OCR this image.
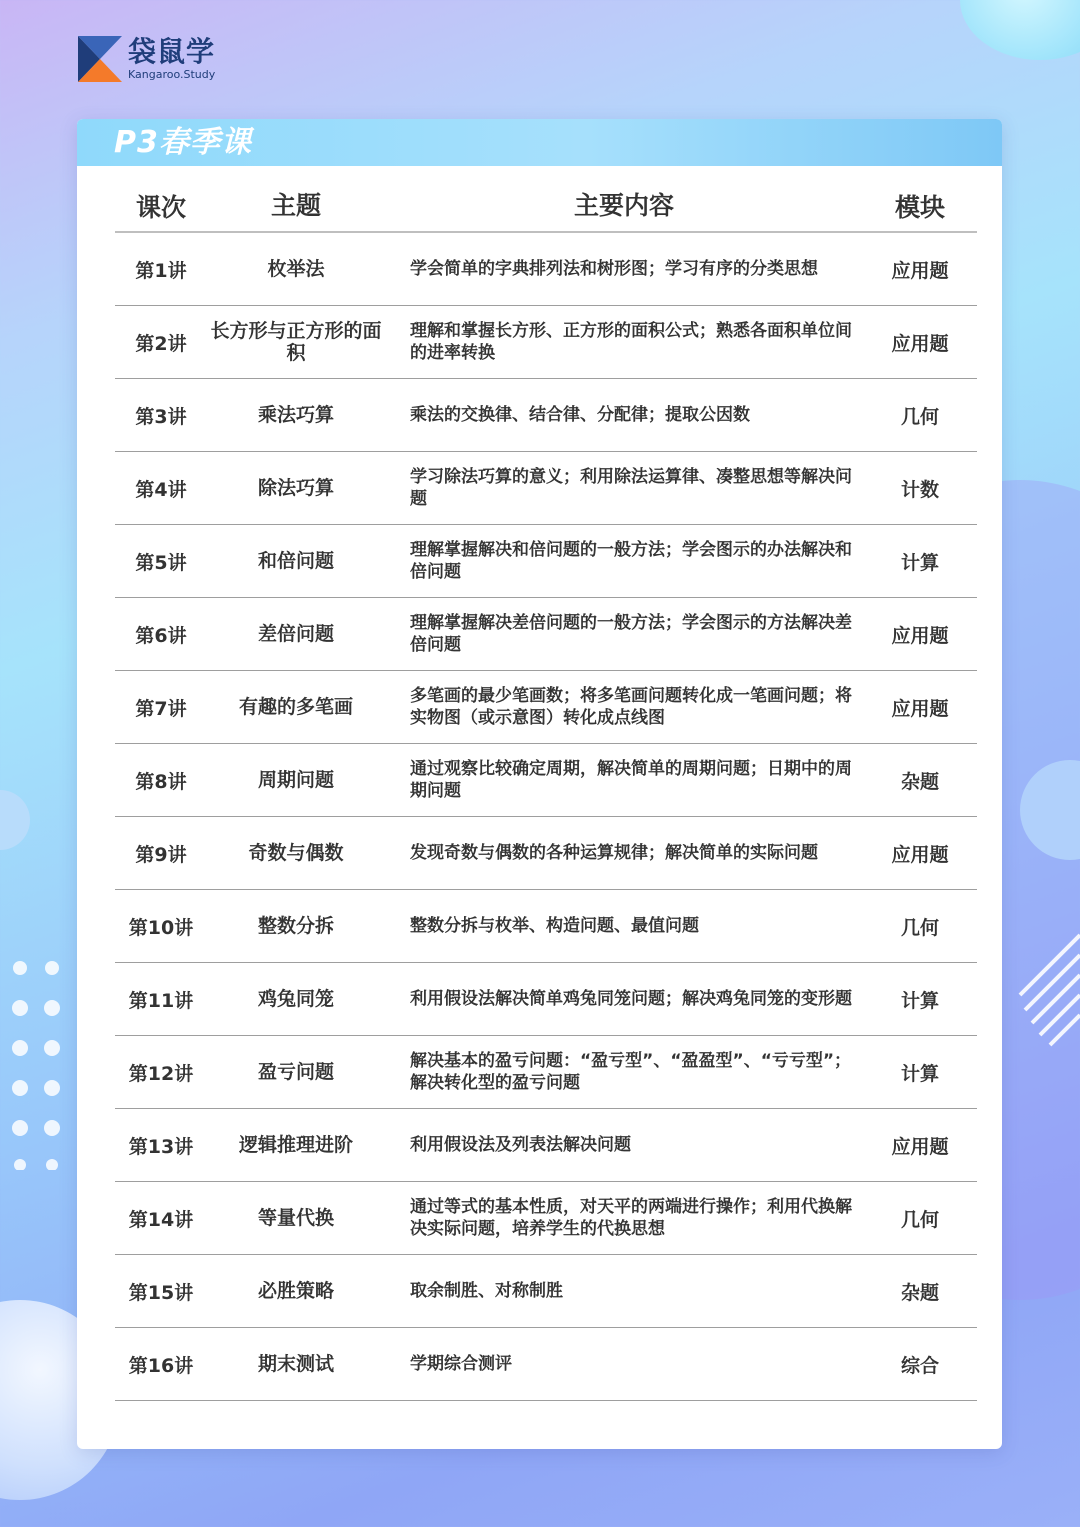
袋鼠学
Kangaroo.Study
P3春季课
课次	主题	主要内容	模块
第1讲	枚举法	学会简单的字典排列法和树形图；学习有序的分类思想	应用题
第2讲	长方形与正方形的面积	理解和掌握长方形、正方形的面积公式；熟悉各面积单位间的进率转换	应用题
第3讲	乘法巧算	乘法的交换律、结合律、分配律；提取公因数	几何
第4讲	除法巧算	学习除法巧算的意义；利用除法运算律、凑整思想等解决问题	计数
第5讲	和倍问题	理解掌握解决和倍问题的一般方法；学会图示的办法解决和倍问题	计算
第6讲	差倍问题	理解掌握解决差倍问题的一般方法；学会图示的方法解决差倍问题	应用题
第7讲	有趣的多笔画	多笔画的最少笔画数；将多笔画问题转化成一笔画问题；将实物图（或示意图）转化成点线图	应用题
第8讲	周期问题	通过观察比较确定周期，解决简单的周期问题；日期中的周期问题	杂题
第9讲	奇数与偶数	发现奇数与偶数的各种运算规律；解决简单的实际问题	应用题
第10讲	整数分拆	整数分拆与枚举、构造问题、最值问题	几何
第11讲	鸡兔同笼	利用假设法解决简单鸡兔同笼问题；解决鸡兔同笼的变形题	计算
第12讲	盈亏问题	解决基本的盈亏问题：“盈亏型”、“盈盈型”、“亏亏型”；解决转化型的盈亏问题	计算
第13讲	逻辑推理进阶	利用假设法及列表法解决问题	应用题
第14讲	等量代换	通过等式的基本性质，对天平的两端进行操作；利用代换解决实际问题，培养学生的代换思想	几何
第15讲	必胜策略	取余制胜、对称制胜	杂题
第16讲	期末测试	学期综合测评	综合
